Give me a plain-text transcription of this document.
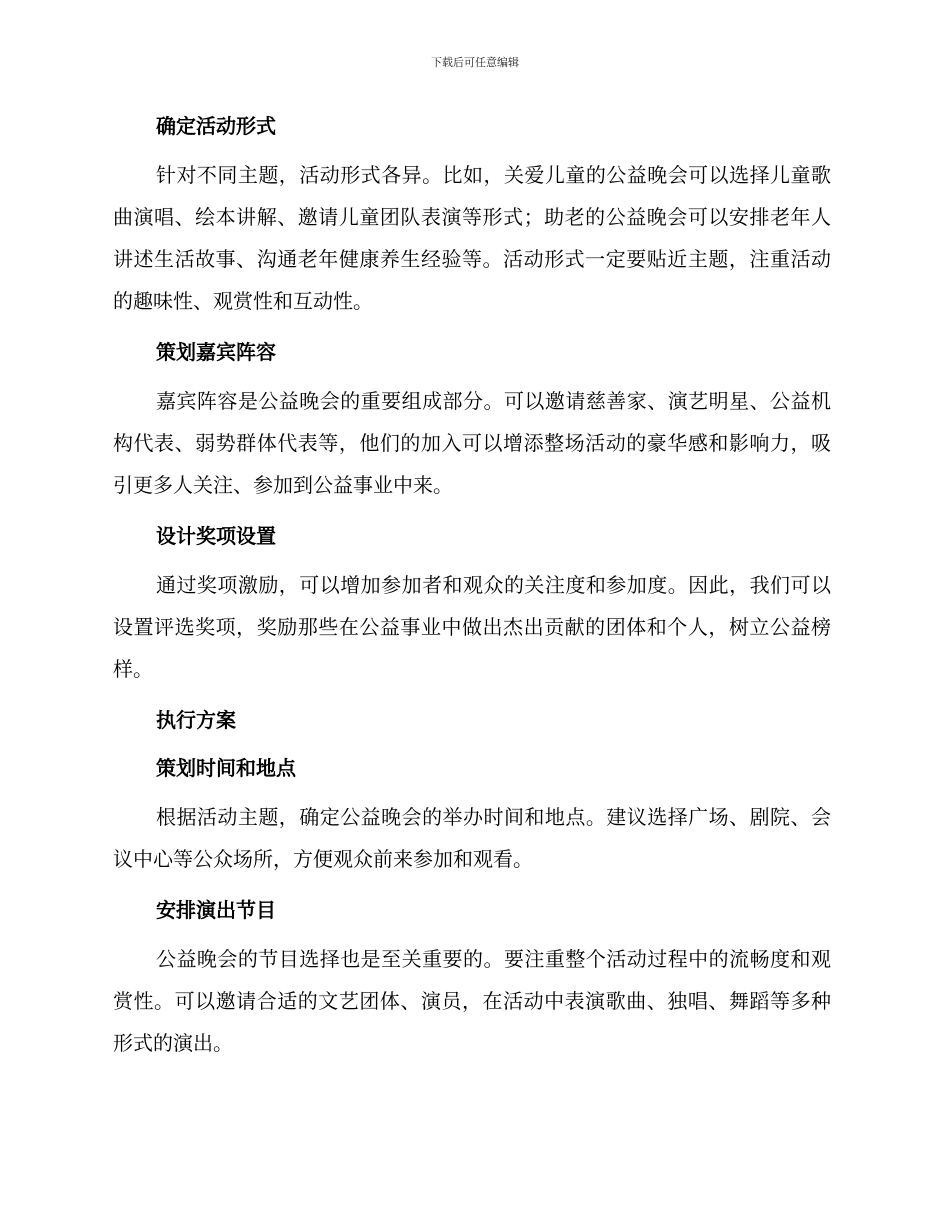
下载后可任意编辑
确定活动形式

针对不同主题，活动形式各异。比如，关爱儿童的公益晚会可以选择儿童歌曲演唱、绘本讲解、邀请儿童团队表演等形式；助老的公益晚会可以安排老年人讲述生活故事、沟通老年健康养生经验等。活动形式一定要贴近主题，注重活动的趣味性、观赏性和互动性。

策划嘉宾阵容

嘉宾阵容是公益晚会的重要组成部分。可以邀请慈善家、演艺明星、公益机构代表、弱势群体代表等，他们的加入可以增添整场活动的豪华感和影响力，吸引更多人关注、参加到公益事业中来。

设计奖项设置

通过奖项激励，可以增加参加者和观众的关注度和参加度。因此，我们可以设置评选奖项，奖励那些在公益事业中做出杰出贡献的团体和个人，树立公益榜样。

执行方案
策划时间和地点

根据活动主题，确定公益晚会的举办时间和地点。建议选择广场、剧院、会议中心等公众场所，方便观众前来参加和观看。

安排演出节目

公益晚会的节目选择也是至关重要的。要注重整个活动过程中的流畅度和观赏性。可以邀请合适的文艺团体、演员，在活动中表演歌曲、独唱、舞蹈等多种形式的演出。
